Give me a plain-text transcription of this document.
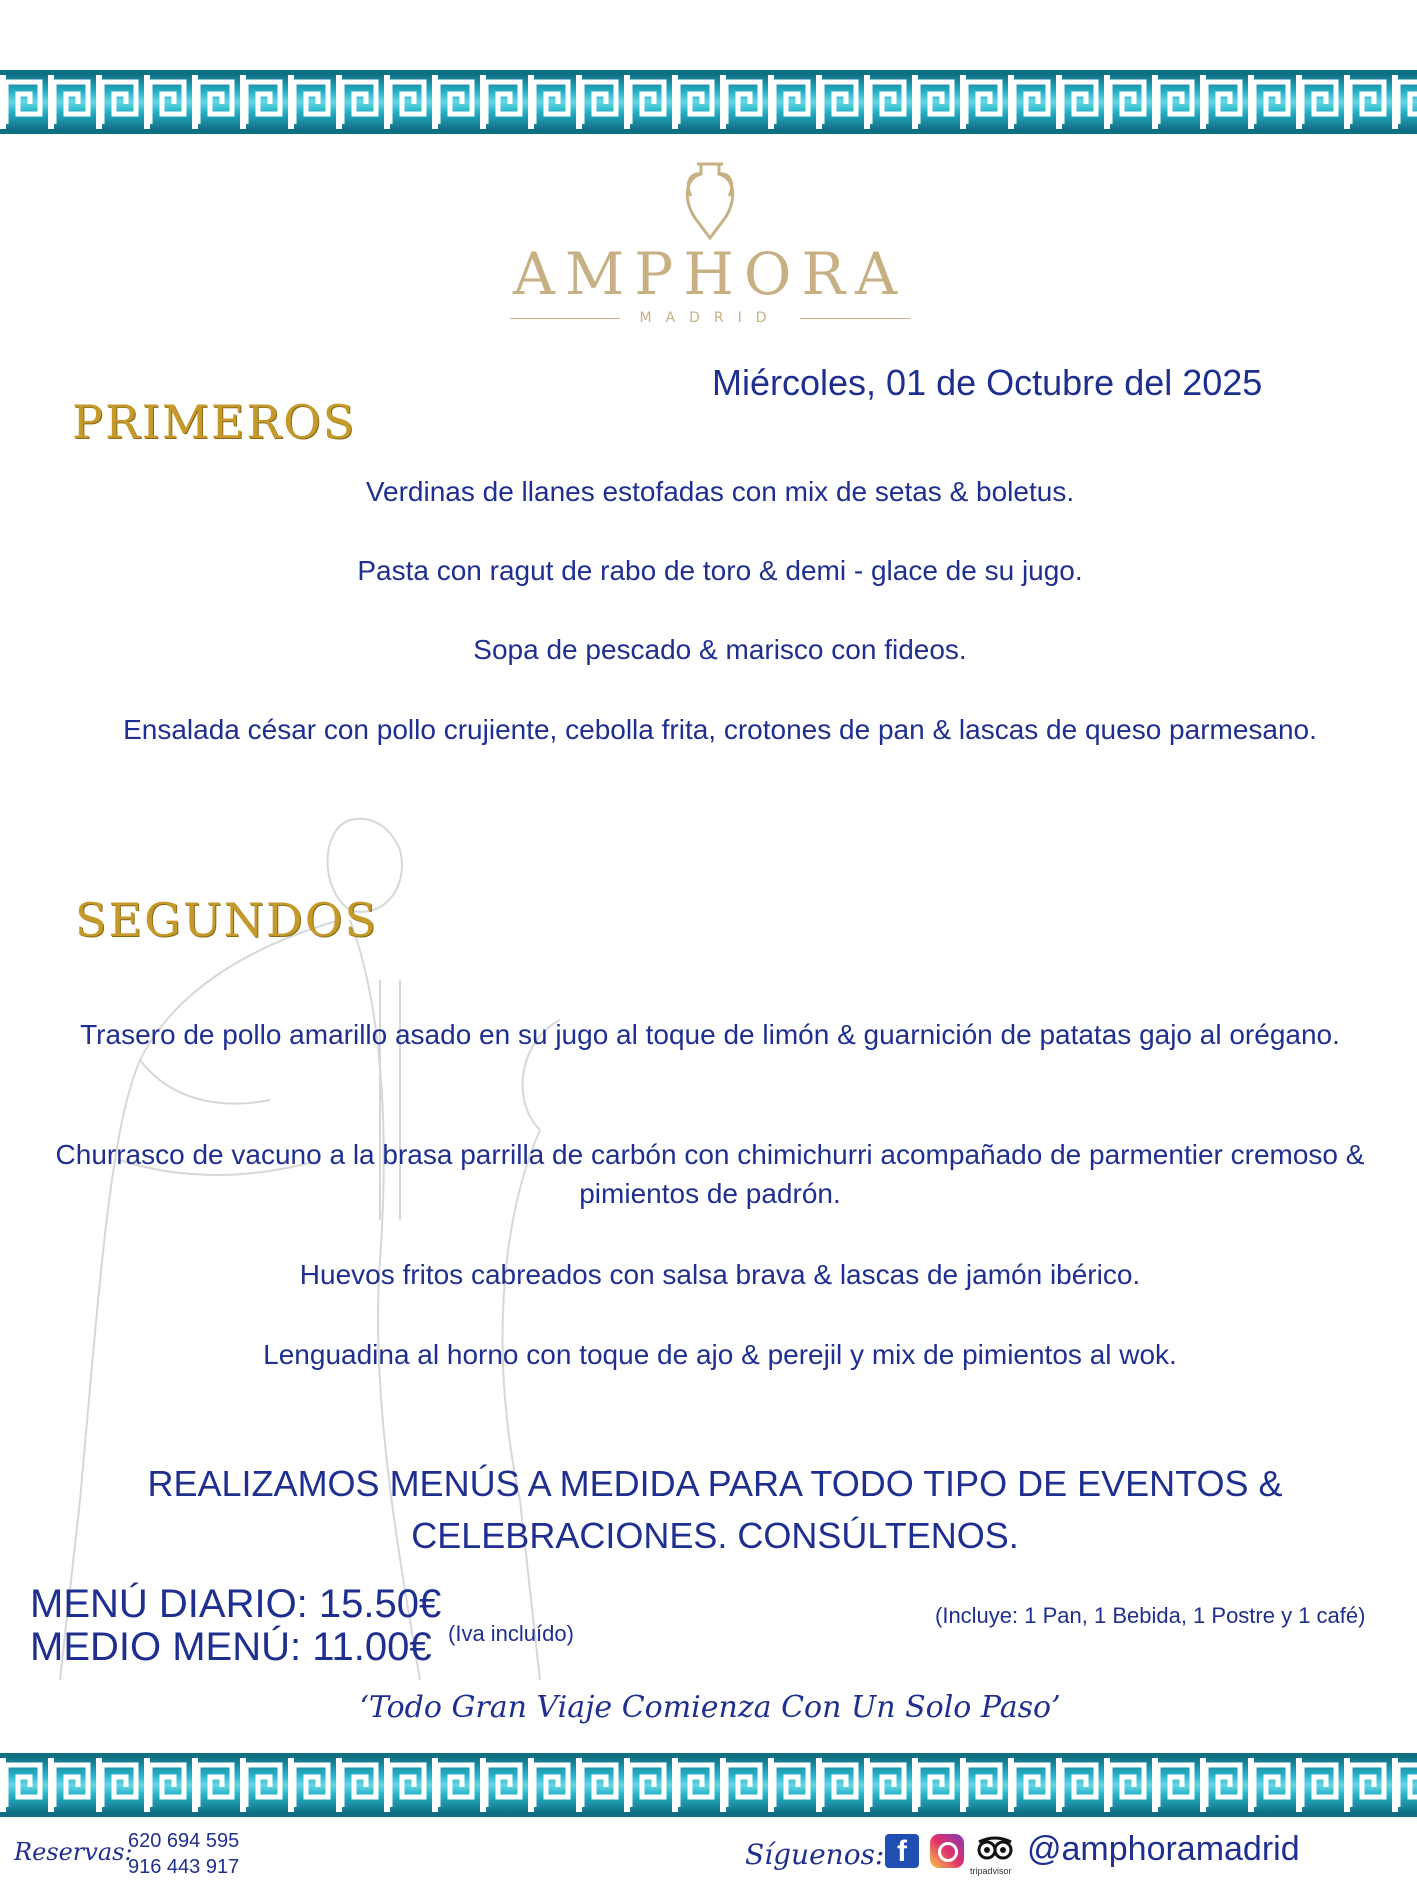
AMPHORA
MADRID
Miércoles, 01 de Octubre del 2025
PRIMEROS
Verdinas de llanes estofadas con mix de setas & boletus.
Pasta con ragut de rabo de toro & demi - glace de su jugo.
Sopa de pescado & marisco con fideos.
Ensalada césar con pollo crujiente, cebolla frita, crotones de pan & lascas de queso parmesano.
SEGUNDOS
Trasero de pollo amarillo asado en su jugo al toque de limón & guarnición de patatas gajo al orégano.
Churrasco de vacuno a la brasa parrilla de carbón con chimichurri acompañado de parmentier cremoso & pimientos de padrón.
Huevos fritos cabreados con salsa brava & lascas de jamón ibérico.
Lenguadina al horno con toque de ajo & perejil y mix de pimientos al wok.
REALIZAMOS MENÚS A MEDIDA PARA TODO TIPO DE EVENTOS & CELEBRACIONES. CONSÚLTENOS.
MENÚ DIARIO: 15.50€
MEDIO MENÚ: 11.00€ (Iva incluído)
(Incluye: 1 Pan, 1 Bebida, 1 Postre y 1 café)
‘Todo Gran Viaje Comienza Con Un Solo Paso’
Reservas:
620 694 595
916 443 917	Síguenos: f
tripadvisor
@amphoramadrid
